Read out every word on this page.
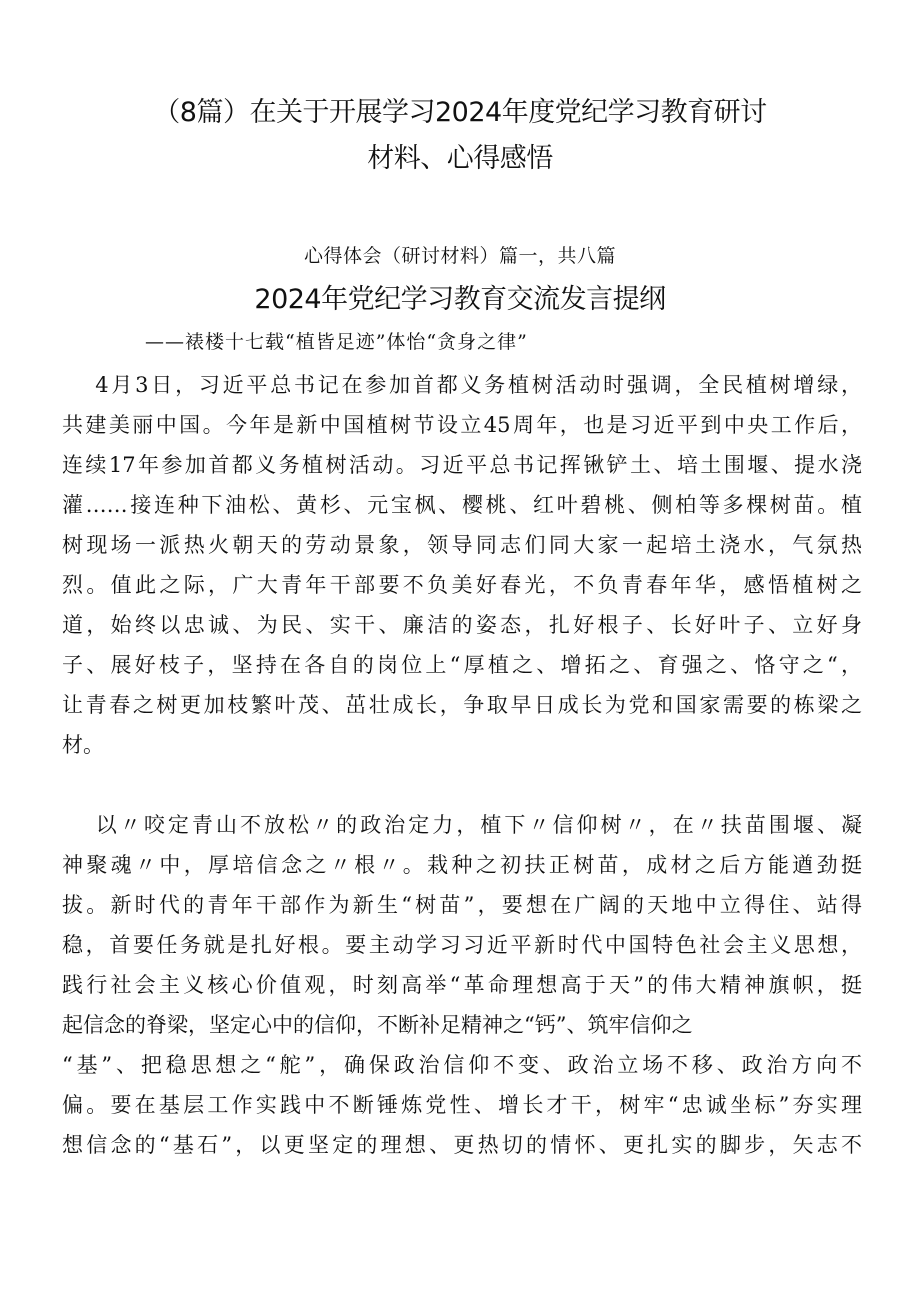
（8篇）在关于开展学习2024年度党纪学习教育研讨
材料、心得感悟
心得体会（研讨材料）篇一，共八篇
2024年党纪学习教育交流发言提纲
——裱楼十七载“植皆足迹”体怡“贪身之律”
　 4月3日，习近平总书记在参加首都义务植树活动时强调，全民植树增绿，
共建美丽中国。今年是新中国植树节设立45周年，也是习近平到中央工作后，
连续17年参加首都义务植树活动。习近平总书记挥锹铲土、培土围堰、提水浇
灌……接连种下油松、黄杉、元宝枫、樱桃、红叶碧桃、侧柏等多棵树苗。植
树现场一派热火朝天的劳动景象，领导同志们同大家一起培土浇水，气氛热
烈。值此之际，广大青年干部要不负美好春光，不负青春年华，感悟植树之
道，始终以忠诚、为民、实干、廉洁的姿态，扎好根子、长好叶子、立好身
子、展好枝子，坚持在各自的岗位上“厚植之、增拓之、育强之、恪守之“，
让青春之树更加枝繁叶茂、茁壮成长，争取早日成长为党和国家需要的栋梁之
材。
　 以〃咬定青山不放松〃的政治定力，植下〃信仰树〃，在〃扶苗围堰、凝
神聚魂〃中，厚培信念之〃根〃。栽种之初扶正树苗，成材之后方能遒劲挺
拔。新时代的青年干部作为新生“树苗”，要想在广阔的天地中立得住、站得
稳，首要任务就是扎好根。要主动学习习近平新时代中国特色社会主义思想，
践行社会主义核心价值观，时刻高举“革命理想高于天”的伟大精神旗帜，挺
起信念的脊梁，坚定心中的信仰，不断补足精神之“钙”、筑牢信仰之
“基”、把稳思想之“舵”，确保政治信仰不变、政治立场不移、政治方向不
偏。要在基层工作实践中不断锤炼党性、增长才干，树牢“忠诚坐标”夯实理
想信念的“基石”，以更坚定的理想、更热切的情怀、更扎实的脚步，矢志不
